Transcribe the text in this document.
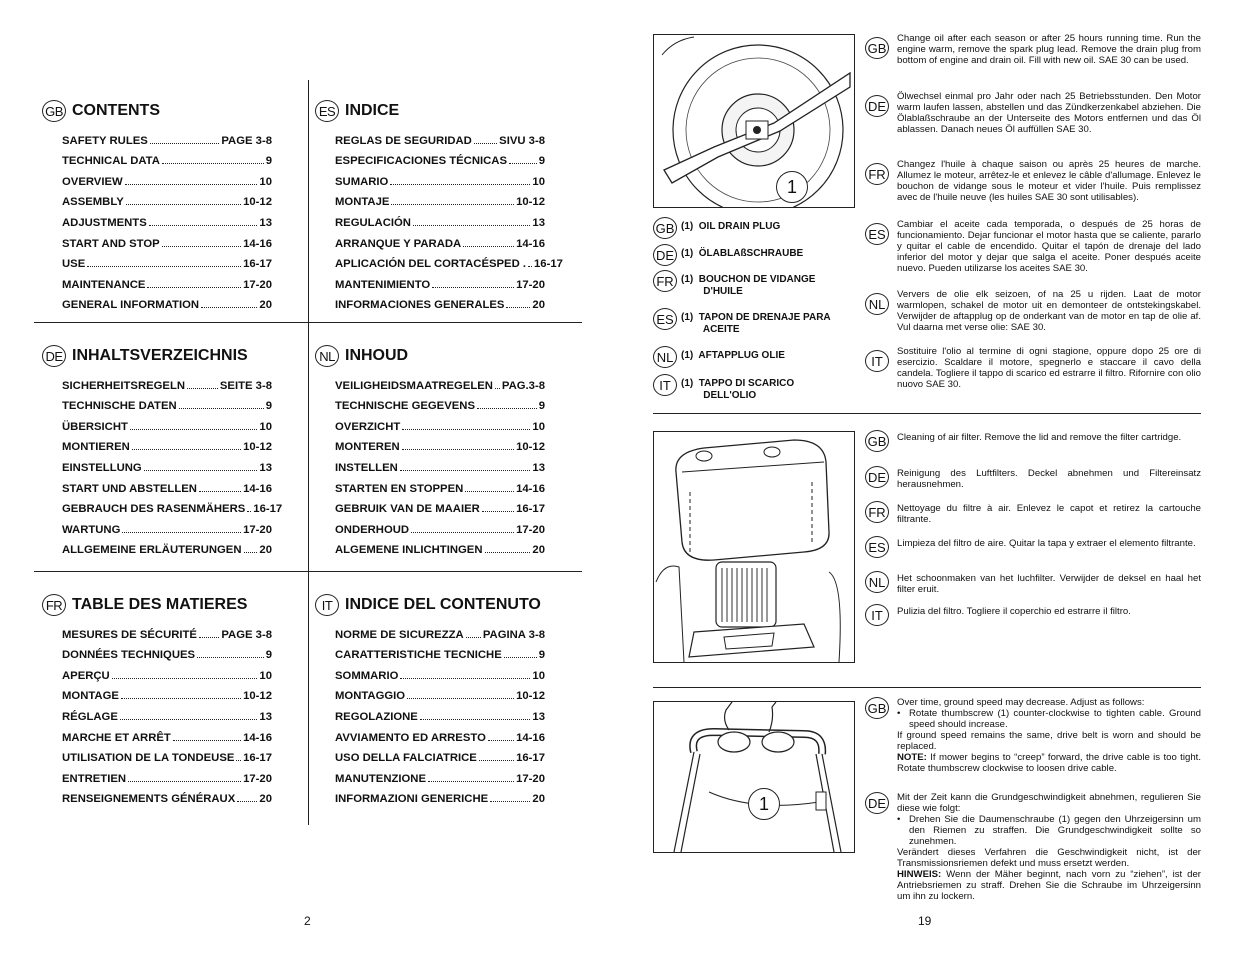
GB CONTENTS
SAFETY RULES	PAGE 3-8
TECHNICAL DATA	9
OVERVIEW	10
ASSEMBLY	10-12
ADJUSTMENTS	13
START AND STOP	14-16
USE	16-17
MAINTENANCE	17-20
GENERAL INFORMATION	20
ES INDICE
REGLAS DE SEGURIDAD SIVU 3-8
ESPECIFICACIONES TÉCNICAS	9
SUMARIO	10
MONTAJE	10-12
REGULACIÓN	13
ARRANQUE Y PARADA	14-16
APLICACIÓN DEL CORTACÉSPED . 16-17
MANTENIMIENTO	17-20
INFORMACIONES GENERALES 20
DE INHALTSVERZEICHNIS
SICHERHEITSREGELN	SEITE 3-8
TECHNISCHE DATEN	9
ÜBERSICHT	10
MONTIEREN	10-12
EINSTELLUNG	13
START UND ABSTELLEN	14-16
GEBRAUCH DES RASENMÄHERS 16-17
WARTUNG	17-20
ALLGEMEINE ERLÄUTERUNGEN 20
NL INHOUD
VEILIGHEIDSMAATREGELEN PAG.3-8
TECHNISCHE GEGEVENS	9
OVERZICHT	10
MONTEREN	10-12
INSTELLEN	13
STARTEN EN STOPPEN	14-16
GEBRUIK VAN DE MAAIER	16-17
ONDERHOUD	17-20
ALGEMENE INLICHTINGEN	20
FR TABLE DES MATIERES
MESURES DE SÉCURITÉ PAGE 3-8
DONNÉES TECHNIQUES	9
APERÇU	10
MONTAGE	10-12
RÉGLAGE	13
MARCHE ET ARRÊT	14-16
UTILISATION DE LA TONDEUSE 16-17
ENTRETIEN	17-20
RENSEIGNEMENTS GÉNÉRAUX 20
IT INDICE DEL CONTENUTO
NORME DE SICUREZZA PAGINA 3-8
CARATTERISTICHE TECNICHE	9
SOMMARIO	10
MONTAGGIO	10-12
REGOLAZIONE	13
AVVIAMENTO ED ARRESTO	14-16
USO DELLA FALCIATRICE	16-17
MANUTENZIONE	17-20
INFORMAZIONI GENERICHE	20
2
1
GB (1)  OIL DRAIN PLUG
DE (1)  ÖLABLAßSCHRAUBE
FR (1)  BOUCHON DE VIDANGE
D'HUILE
ES (1)  TAPON DE DRENAJE PARA
ACEITE
NL (1)  AFTAPPLUG OLIE
IT	(1)  TAPPO DI SCARICO
DELL'OLIO
GB
Change oil after each season or after 25 hours running time. Run the engine warm, remove the spark plug lead. Remove the drain plug from bottom of engine and drain oil. Fill with new oil. SAE 30 can be used.
DE
Ölwechsel einmal pro Jahr oder nach 25 Betriebsstunden. Den Motor warm laufen lassen, abstellen und das Zündkerzenkabel abziehen. Die Ölablaßschraube an der Unterseite des Motors entfernen und das Öl ablassen. Danach neues Öl auffüllen SAE 30.
FR
Changez l'huile à chaque saison ou après 25 heures de marche. Allumez le moteur, arrêtez-le et enlevez le câble d'allumage. Enlevez le bouchon de vidange sous le moteur et vider l'huile. Puis remplissez avec de l'huile neuve (les huiles SAE 30 sont utilisables).
ES
Cambiar el aceite cada temporada, o después de 25 horas de funcionamiento. Dejar funcionar el motor hasta que se caliente, pararlo y quitar el cable de encendido. Quitar el tapón de drenaje del lado inferior del motor y dejar que salga el aceite. Poner después aceite nuevo. Pueden utilizarse los aceites SAE 30.
NL
Ververs de olie elk seizoen, of na 25 u rijden. Laat de motor warmlopen, schakel de motor uit en demonteer de ontstekingskabel. Verwijder de aftapplug op de onderkant van de motor en tap de olie af. Vul daarna met verse olie: SAE 30.
IT
Sostituire l'olio al termine di ogni stagione, oppure dopo 25 ore di esercizio. Scaldare il motore, spegnerlo e staccare il cavo della candela. Togliere il tappo di scarico ed estrarre il filtro. Rifornire con olio nuovo SAE 30.
GB Cleaning of air filter. Remove the lid and remove the filter cartridge.
DE	Reinigung des Luftfilters. Deckel abnehmen und Filtereinsatz herausnehmen.
FR	Nettoyage du filtre à air. Enlevez le capot et retirez la cartouche filtrante.
ES	Limpieza del filtro de aire. Quitar la tapa y extraer el elemento filtrante.
NL	Het schoonmaken van het luchfilter. Verwijder de deksel en haal het filter eruit.
IT	Pulizia del filtro. Togliere il coperchio ed estrarre il filtro.
1
GB Over time, ground speed may decrease. Adjust as follows:
• Rotate thumbscrew (1) counter-clockwise to tighten cable. Ground speed should increase.
If ground speed remains the same, drive belt is worn and should be replaced.
NOTE: If mower begins to “creep” forward, the drive cable is too tight. Rotate thumbscrew clockwise to loosen drive cable.
DE	Mit der Zeit kann die Grundgeschwindigkeit abnehmen, regulieren Sie diese wie folgt:
• Drehen Sie die Daumenschraube (1) gegen den Uhrzeigersinn um den Riemen zu straffen. Die Grundgeschwindigkeit sollte so zunehmen.
Verändert dieses Verfahren die Geschwindigkeit nicht, ist der Transmissionsriemen defekt und muss ersetzt werden.
HINWEIS: Wenn der Mäher beginnt, nach vorn zu “ziehen”, ist der Antriebsriemen zu straff. Drehen Sie die Schraube im Uhrzeigersinn um ihn zu lockern.
19
